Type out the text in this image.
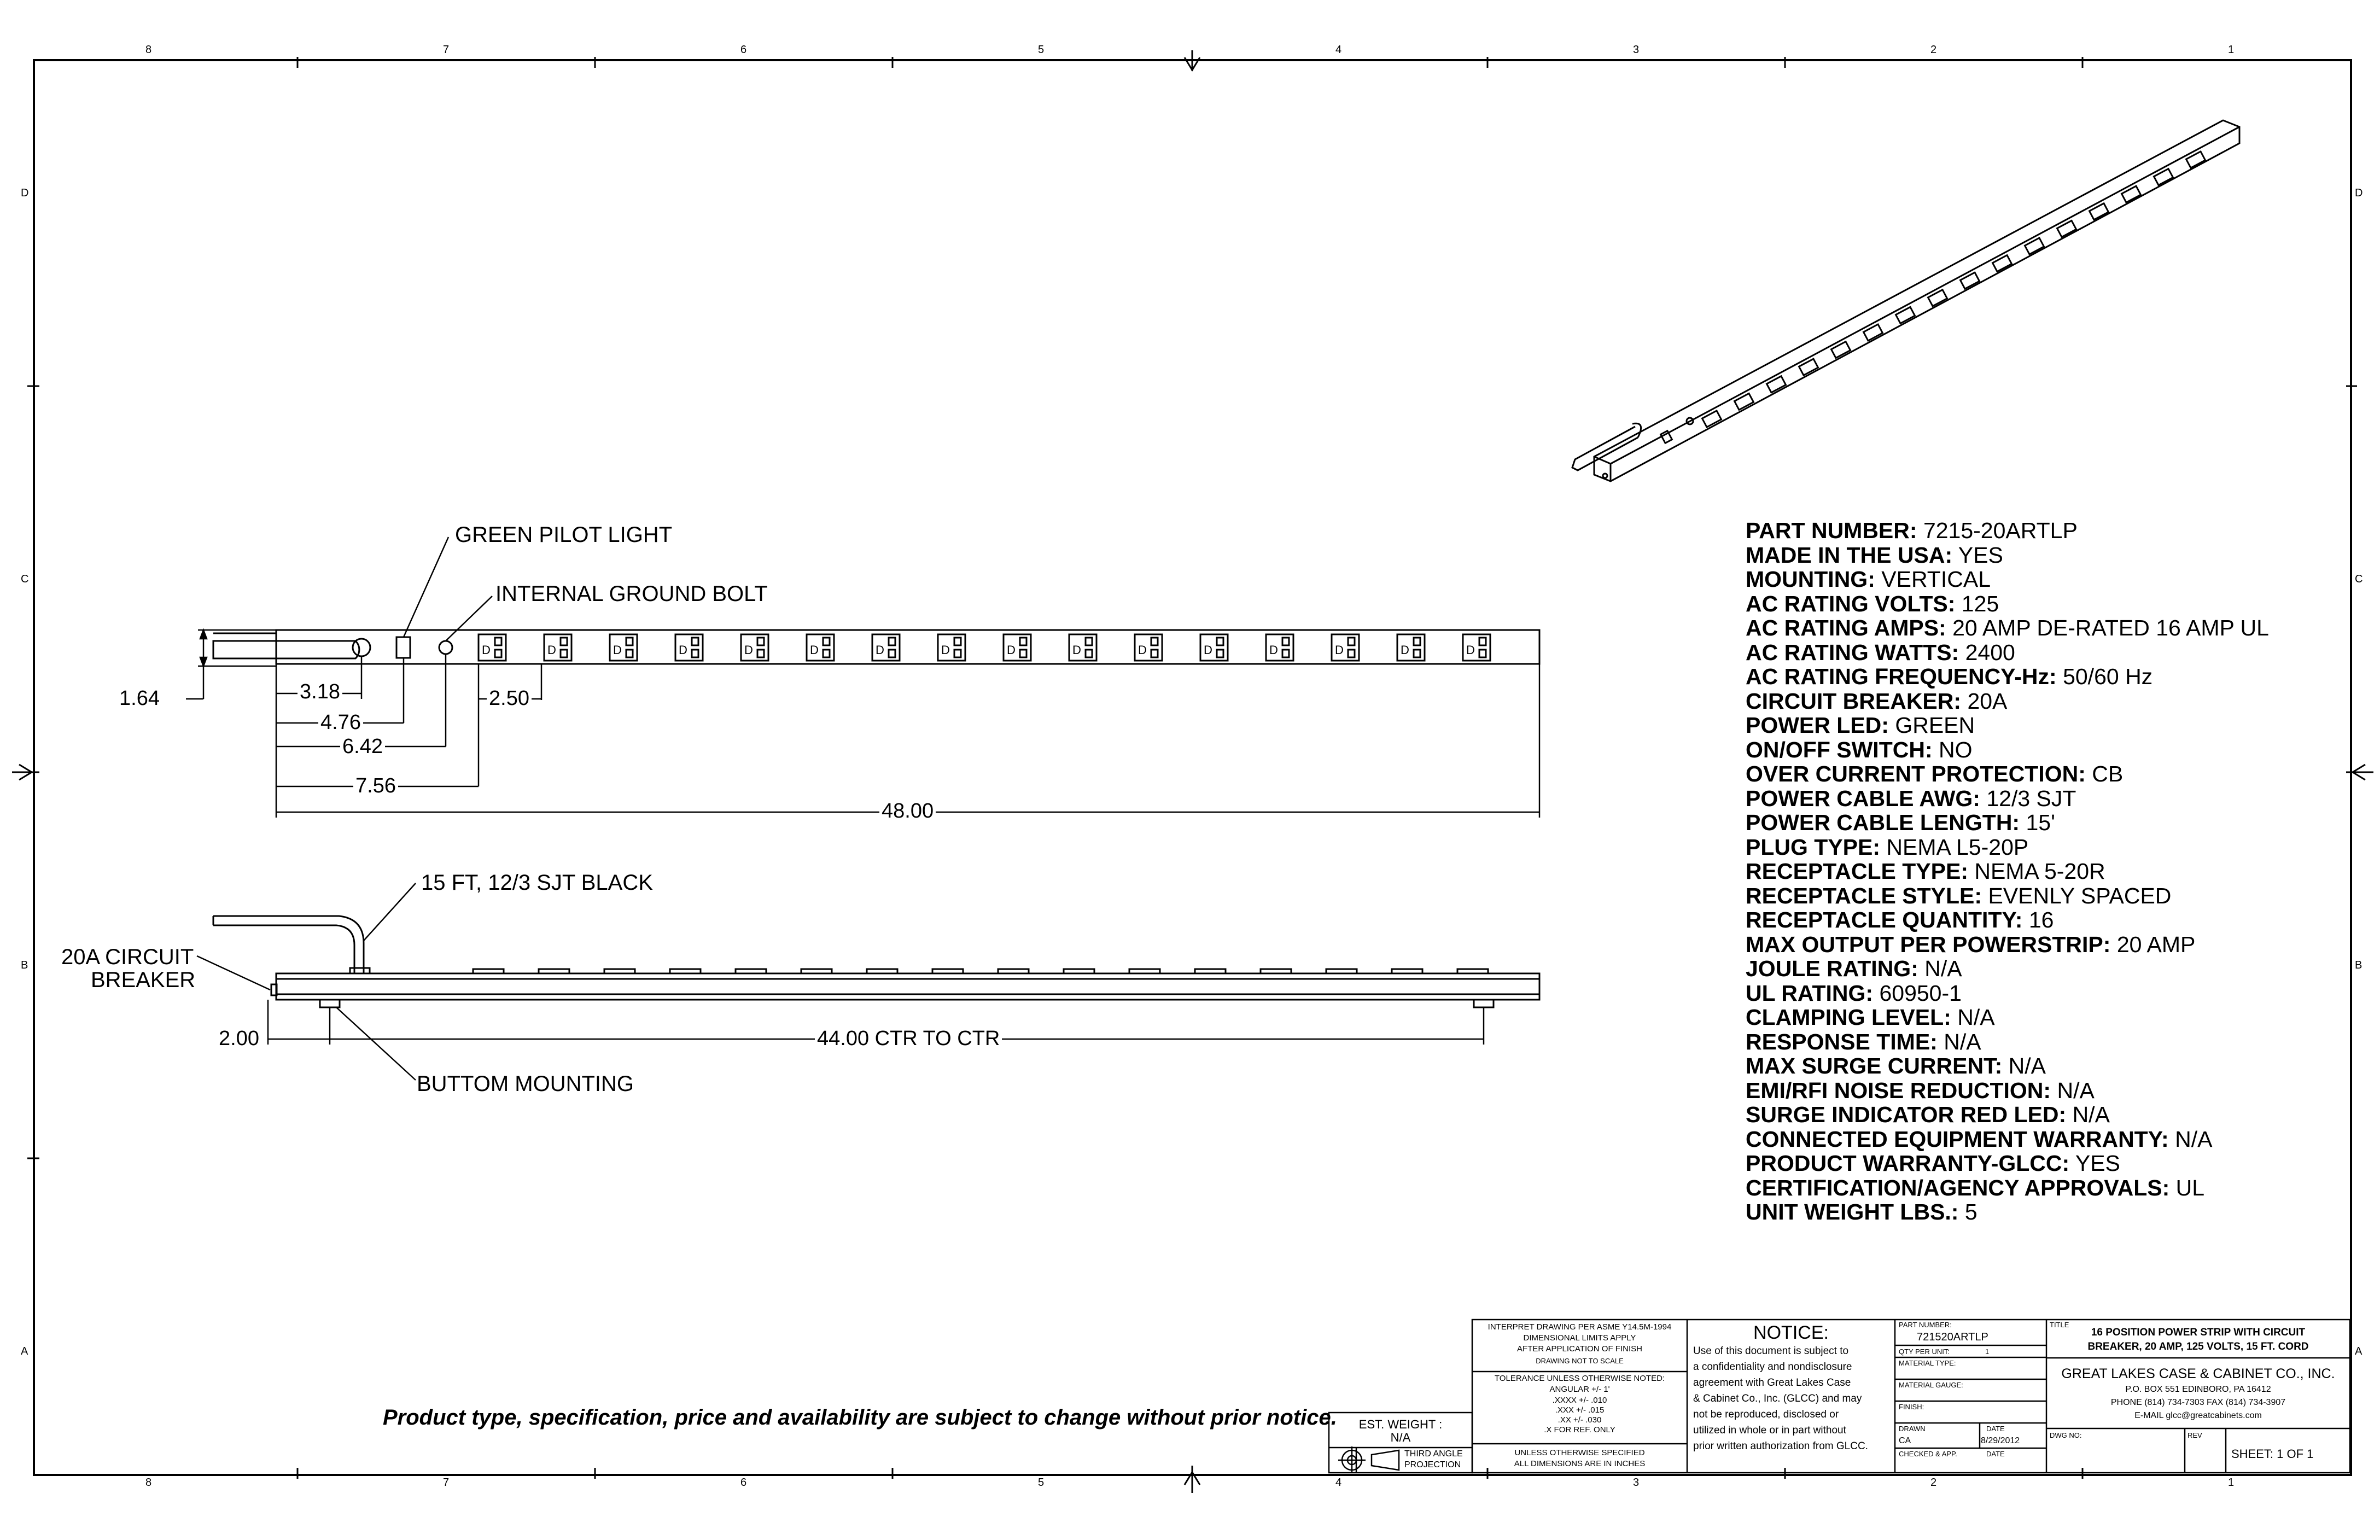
D	D	D	D	D	D	D	D	D	D	D	D	D	D	D	D
8
8
7
7
6
6
5
5
4
4
3
3
2
2
1
1
D	D
C	C
B	B
A	A
GREEN PILOT LIGHT
INTERNAL GROUND BOLT
15 FT, 12/3 SJT BLACK
20A CIRCUIT
BREAKER
BUTTOM MOUNTING
1.64	3.18
4.76
6.42
7.56
2.50
48.00
2.00	44.00 CTR TO CTR
PART NUMBER: 7215-20ARTLP
MADE IN THE USA: YES
MOUNTING: VERTICAL
AC RATING VOLTS: 125
AC RATING AMPS: 20 AMP DE-RATED 16 AMP UL
AC RATING WATTS: 2400
AC RATING FREQUENCY-Hz: 50/60 Hz
CIRCUIT BREAKER: 20A
POWER LED: GREEN
ON/OFF SWITCH: NO
OVER CURRENT PROTECTION: CB
POWER CABLE AWG: 12/3 SJT
POWER CABLE LENGTH: 15'
PLUG TYPE: NEMA L5-20P
RECEPTACLE TYPE: NEMA 5-20R
RECEPTACLE STYLE: EVENLY SPACED
RECEPTACLE QUANTITY: 16
MAX OUTPUT PER POWERSTRIP: 20 AMP
JOULE RATING: N/A
UL RATING: 60950-1
CLAMPING LEVEL: N/A
RESPONSE TIME: N/A
MAX SURGE CURRENT: N/A
EMI/RFI NOISE REDUCTION: N/A
SURGE INDICATOR RED LED: N/A
CONNECTED EQUIPMENT WARRANTY: N/A
PRODUCT WARRANTY-GLCC: YES
CERTIFICATION/AGENCY APPROVALS: UL
UNIT WEIGHT LBS.: 5
Product type, specification, price and availability are subject to change without prior notice.	EST. WEIGHT :
N/A
THIRD ANGLE
PROJECTION
INTERPRET DRAWING PER ASME Y14.5M-1994
DIMENSIONAL LIMITS APPLY
AFTER APPLICATION OF FINISH
DRAWING NOT TO SCALE
TOLERANCE UNLESS OTHERWISE NOTED:
ANGULAR +/- 1'
.XXXX +/- .010
.XXX +/- .015
.XX +/- .030
.X FOR REF. ONLY
UNLESS OTHERWISE SPECIFIED
ALL DIMENSIONS ARE IN INCHES
NOTICE:
Use of this document is subject to
a confidentiality and nondisclosure
agreement with Great Lakes Case
& Cabinet Co., Inc. (GLCC) and may
not be reproduced, disclosed or
utilized in whole or in part without
prior written authorization from GLCC.
PART NUMBER:
721520ARTLP
QTY PER UNIT:	1
MATERIAL TYPE:
MATERIAL GAUGE:
FINISH:
DRAWN	DATE
CA	8/29/2012
CHECKED & APP.	DATE
TITLE
16 POSITION POWER STRIP WITH CIRCUIT
BREAKER, 20 AMP, 125 VOLTS, 15 FT. CORD
GREAT LAKES CASE & CABINET CO., INC.
P.O. BOX 551 EDINBORO, PA 16412
PHONE (814) 734-7303 FAX (814) 734-3907
E-MAIL glcc@greatcabinets.com
DWG NO:	REV
SHEET: 1 OF 1
